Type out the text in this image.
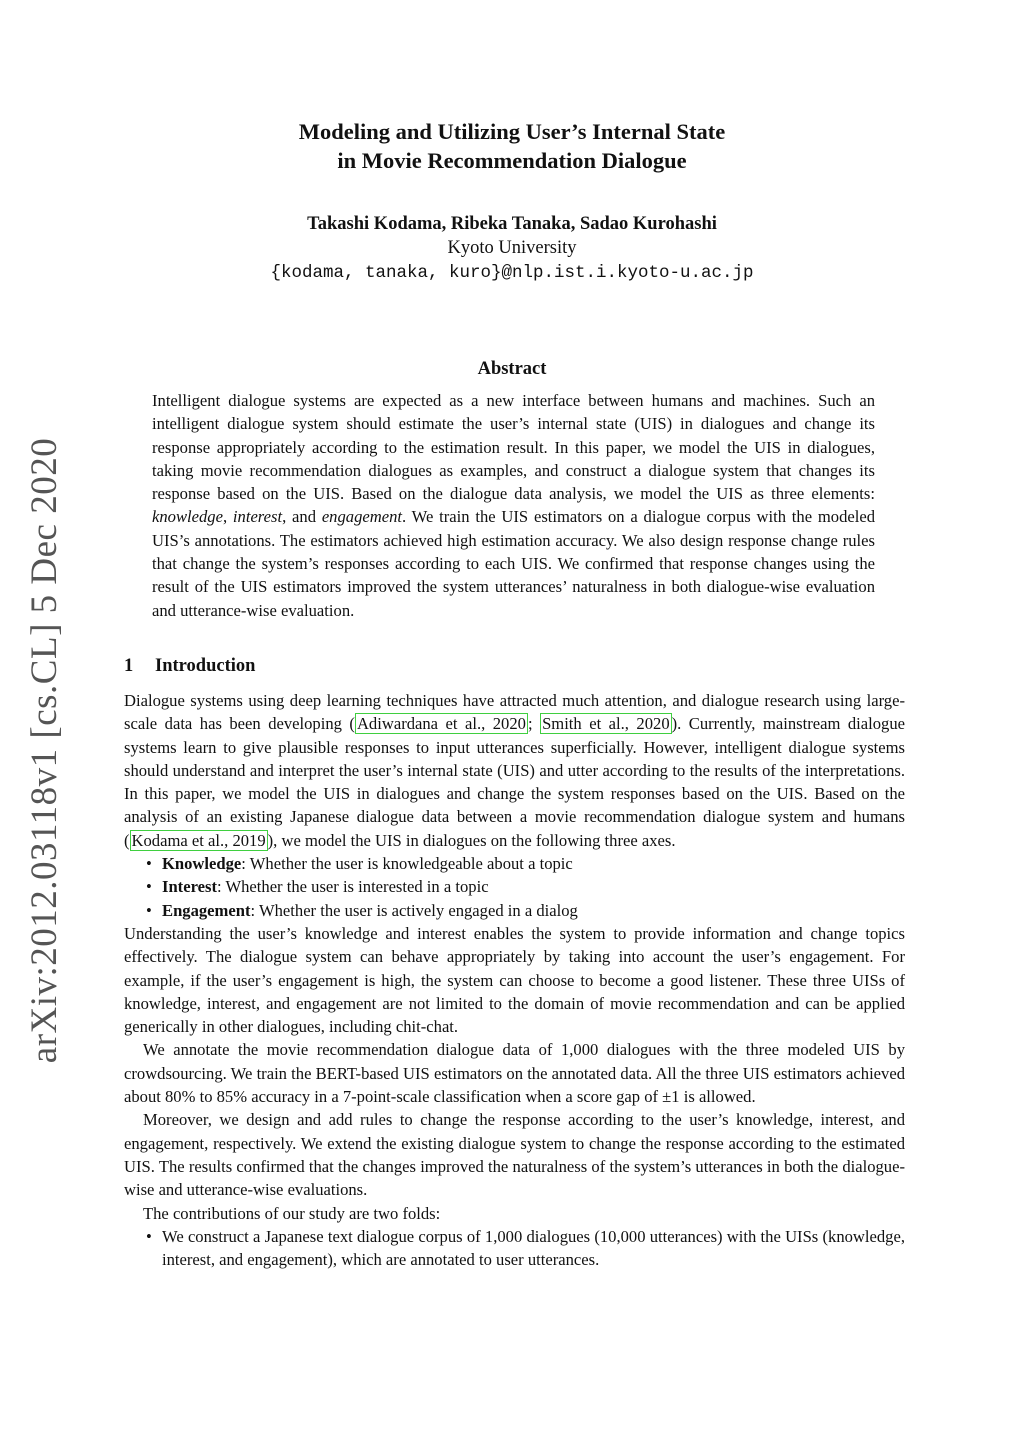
arXiv:2012.03118v1 [cs.CL] 5 Dec 2020
Modeling and Utilizing User’s Internal State
in Movie Recommendation Dialogue
Takashi Kodama, Ribeka Tanaka, Sadao Kurohashi
Kyoto University
{kodama, tanaka, kuro}@nlp.ist.i.kyoto-u.ac.jp
Abstract

Intelligent dialogue systems are expected as a new interface between humans and machines. Such an intelligent dialogue system should estimate the user’s internal state (UIS) in dialogues and change its response appropriately according to the estimation result. In this paper, we model the UIS in dialogues, taking movie recommendation dialogues as examples, and construct a dialogue system that changes its response based on the UIS. Based on the dialogue data analysis, we model the UIS as three elements: knowledge, interest, and engagement. We train the UIS estimators on a dialogue corpus with the modeled UIS’s annotations. The estimators achieved high estimation accuracy. We also design response change rules that change the system’s responses according to each UIS. We confirmed that response changes using the result of the UIS estimators improved the system utterances’ naturalness in both dialogue-wise evaluation and utterance-wise evaluation.

1 Introduction

Dialogue systems using deep learning techniques have attracted much attention, and dialogue research using large-scale data has been developing ( Adiwardana et al., 2020 ; Smith et al., 2020 ). Currently, mainstream dialogue systems learn to give plausible responses to input utterances superficially. However, intelligent dialogue systems should understand and interpret the user’s internal state (UIS) and utter according to the results of the interpretations. In this paper, we model the UIS in dialogues and change the system responses based on the UIS. Based on the analysis of an existing Japanese dialogue data between a movie recommendation dialogue system and humans ( Kodama et al., 2019 ), we model the UIS in dialogues on the following three axes.

• Knowledge: Whether the user is knowledgeable about a topic
• Interest: Whether the user is interested in a topic
• Engagement: Whether the user is actively engaged in a dialog

Understanding the user’s knowledge and interest enables the system to provide information and change topics effectively. The dialogue system can behave appropriately by taking into account the user’s engagement. For example, if the user’s engagement is high, the system can choose to become a good listener. These three UISs of knowledge, interest, and engagement are not limited to the domain of movie recommendation and can be applied generically in other dialogues, including chit-chat.

We annotate the movie recommendation dialogue data of 1,000 dialogues with the three modeled UIS by crowdsourcing. We train the BERT-based UIS estimators on the annotated data. All the three UIS estimators achieved about 80% to 85% accuracy in a 7-point-scale classification when a score gap of ±1 is allowed.

Moreover, we design and add rules to change the response according to the user’s knowledge, interest, and engagement, respectively. We extend the existing dialogue system to change the response according to the estimated UIS. The results confirmed that the changes improved the naturalness of the system’s utterances in both the dialogue-wise and utterance-wise evaluations.

The contributions of our study are two folds:

• We construct a Japanese text dialogue corpus of 1,000 dialogues (10,000 utterances) with the UISs (knowledge, interest, and engagement), which are annotated to user utterances.
